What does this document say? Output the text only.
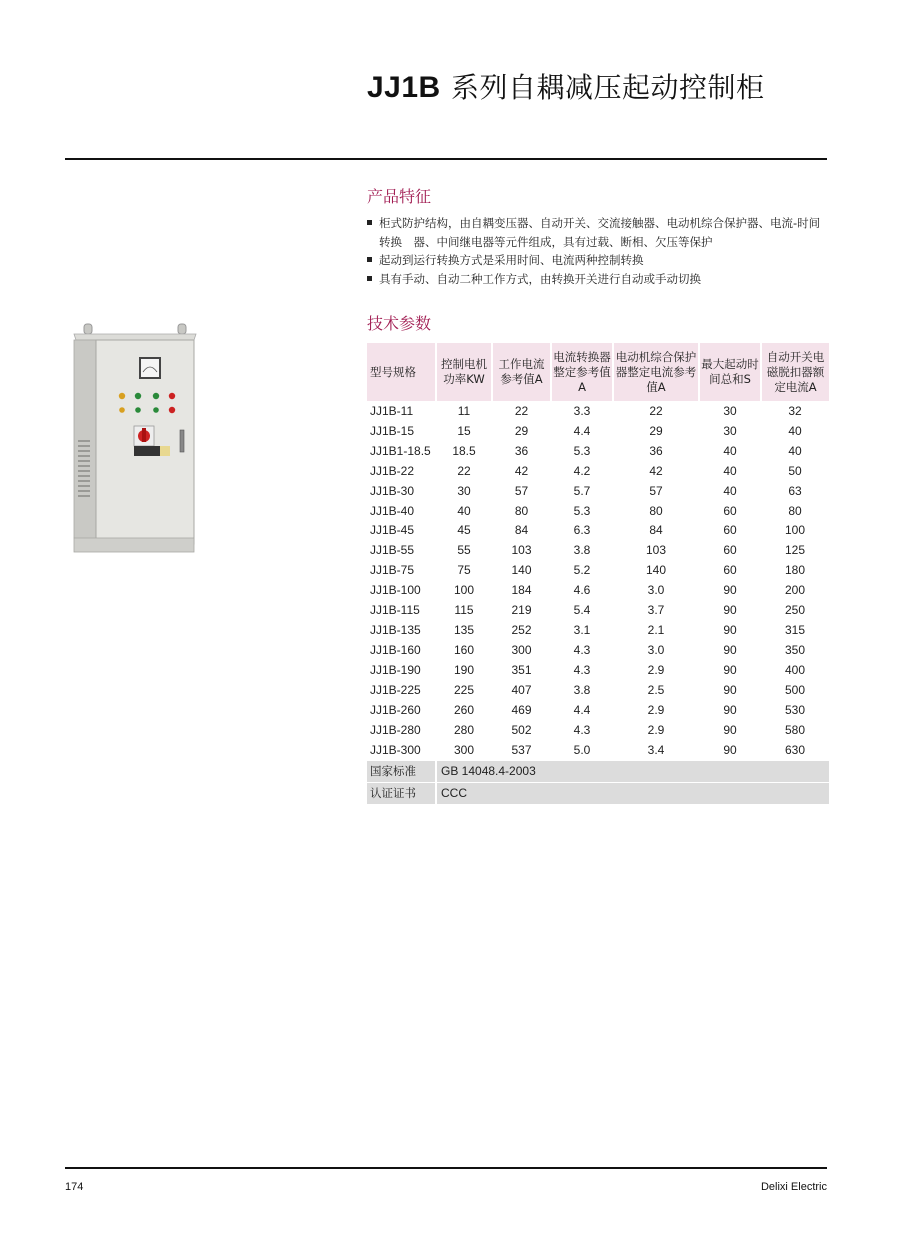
JJ1B 系列自耦减压起动控制柜
产品特征
柜式防护结构，由自耦变压器、自动开关、交流接触器、电动机综合保护器、电流-时间转换　器、中间继电器等元件组成，具有过载、断相、欠压等保护
起动到运行转换方式是采用时间、电流两种控制转换
具有手动、自动二种工作方式，由转换开关进行自动或手动切换
技术参数
型号规格	控制电机功率KW	工作电流参考值A	电流转换器整定参考值A	电动机综合保护器整定电流参考值A	最大起动时间总和S	自动开关电磁脱扣器额定电流A
JJ1B-11	11	22	3.3	22	30	32
JJ1B-15	15	29	4.4	29	30	40
JJ1B1-18.5	18.5	36	5.3	36	40	40
JJ1B-22	22	42	4.2	42	40	50
JJ1B-30	30	57	5.7	57	40	63
JJ1B-40	40	80	5.3	80	60	80
JJ1B-45	45	84	6.3	84	60	100
JJ1B-55	55	103	3.8	103	60	125
JJ1B-75	75	140	5.2	140	60	180
JJ1B-100	100	184	4.6	3.0	90	200
JJ1B-115	115	219	5.4	3.7	90	250
JJ1B-135	135	252	3.1	2.1	90	315
JJ1B-160	160	300	4.3	3.0	90	350
JJ1B-190	190	351	4.3	2.9	90	400
JJ1B-225	225	407	3.8	2.5	90	500
JJ1B-260	260	469	4.4	2.9	90	530
JJ1B-280	280	502	4.3	2.9	90	580
JJ1B-300	300	537	5.0	3.4	90	630
国家标准	GB 14048.4-2003					
认证证书	CCC					
174	Delixi Electric
